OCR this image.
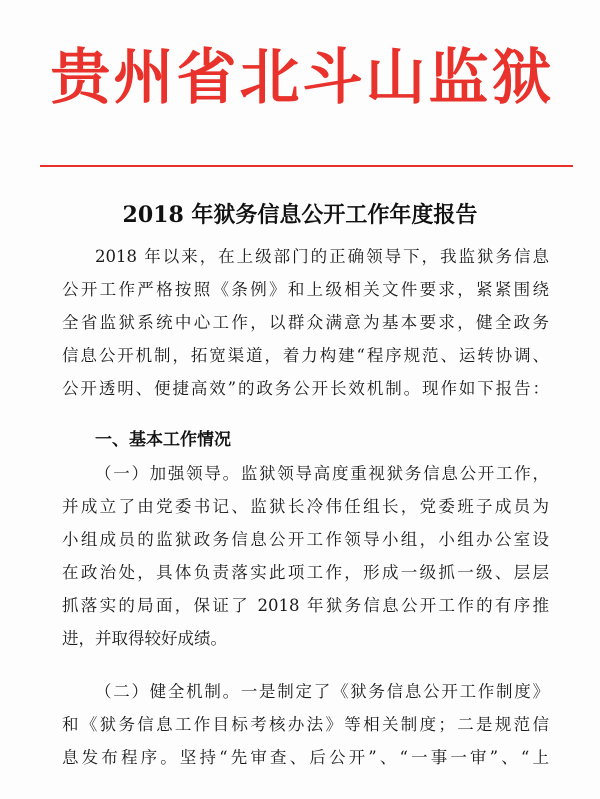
贵州省北斗山监狱
2018 年狱务信息公开工作年度报告
2018 年以来，在上级部门的正确领导下，我监狱务信息
公开工作严格按照《条例》和上级相关文件要求，紧紧围绕
全省监狱系统中心工作，以群众满意为基本要求，健全政务
信息公开机制，拓宽渠道，着力构建“程序规范、运转协调、
公开透明、便捷高效”的政务公开长效机制。现作如下报告：
一、基本工作情况
（一）加强领导。监狱领导高度重视狱务信息公开工作，
并成立了由党委书记、监狱长冷伟任组长，党委班子成员为
小组成员的监狱政务信息公开工作领导小组，小组办公室设
在政治处，具体负责落实此项工作，形成一级抓一级、层层
抓落实的局面，保证了 2018 年狱务信息公开工作的有序推
进，并取得较好成绩。
（二）健全机制。一是制定了《狱务信息公开工作制度》
和《狱务信息工作目标考核办法》等相关制度；二是规范信
息发布程序。坚持“先审查、后公开”、“一事一审”、“上
